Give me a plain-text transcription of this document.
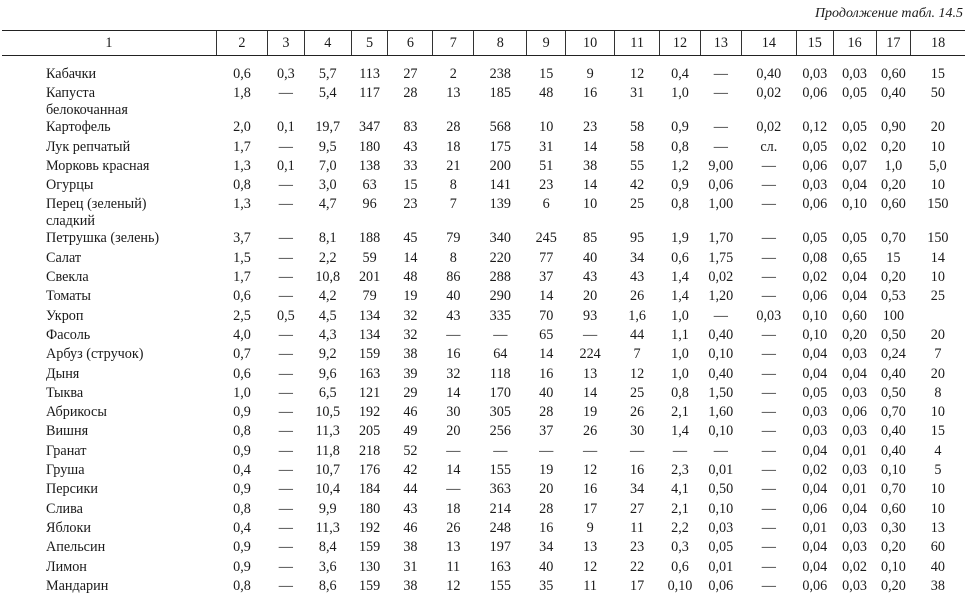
Продолжение табл. 14.5
1	2	3	4	5	6	7	8	9	10	11	12	13	14	15	16	17	18

Кабачки	0,6	0,3	5,7	113	27	2	238	15	9	12	0,4	—	0,40	0,03	0,03	0,60	15

Капуста
белокочанная	1,8	—	5,4	117	28	13	185	48	16	31	1,0	—	0,02	0,06	0,05	0,40	50

Картофель	2,0	0,1	19,7	347	83	28	568	10	23	58	0,9	—	0,02	0,12	0,05	0,90	20

Лук репчатый	1,7	—	9,5	180	43	18	175	31	14	58	0,8	—	сл.	0,05	0,02	0,20	10

Морковь красная	1,3	0,1	7,0	138	33	21	200	51	38	55	1,2	9,00	—	0,06	0,07	1,0	5,0

Огурцы	0,8	—	3,0	63	15	8	141	23	14	42	0,9	0,06	—	0,03	0,04	0,20	10

Перец (зеленый)
сладкий	1,3	—	4,7	96	23	7	139	6	10	25	0,8	1,00	—	0,06	0,10	0,60	150

Петрушка (зелень)	3,7	—	8,1	188	45	79	340	245	85	95	1,9	1,70	—	0,05	0,05	0,70	150

Салат	1,5	—	2,2	59	14	8	220	77	40	34	0,6	1,75	—	0,08	0,65	15	14

Свекла	1,7	—	10,8	201	48	86	288	37	43	43	1,4	0,02	—	0,02	0,04	0,20	10

Томаты	0,6	—	4,2	79	19	40	290	14	20	26	1,4	1,20	—	0,06	0,04	0,53	25

Укроп	2,5	0,5	4,5	134	32	43	335	70	93	1,6	1,0	—	0,03	0,10	0,60	100	

Фасоль	4,0	—	4,3	134	32	—	—	65	—	44	1,1	0,40	—	0,10	0,20	0,50	20

Арбуз (стручок)	0,7	—	9,2	159	38	16	64	14	224	7	1,0	0,10	—	0,04	0,03	0,24	7

Дыня	0,6	—	9,6	163	39	32	118	16	13	12	1,0	0,40	—	0,04	0,04	0,40	20

Тыква	1,0	—	6,5	121	29	14	170	40	14	25	0,8	1,50	—	0,05	0,03	0,50	8

Абрикосы	0,9	—	10,5	192	46	30	305	28	19	26	2,1	1,60	—	0,03	0,06	0,70	10

Вишня	0,8	—	11,3	205	49	20	256	37	26	30	1,4	0,10	—	0,03	0,03	0,40	15

Гранат	0,9	—	11,8	218	52	—	—	—	—	—	—	—	—	0,04	0,01	0,40	4

Груша	0,4	—	10,7	176	42	14	155	19	12	16	2,3	0,01	—	0,02	0,03	0,10	5

Персики	0,9	—	10,4	184	44	—	363	20	16	34	4,1	0,50	—	0,04	0,01	0,70	10

Слива	0,8	—	9,9	180	43	18	214	28	17	27	2,1	0,10	—	0,06	0,04	0,60	10

Яблоки	0,4	—	11,3	192	46	26	248	16	9	11	2,2	0,03	—	0,01	0,03	0,30	13

Апельсин	0,9	—	8,4	159	38	13	197	34	13	23	0,3	0,05	—	0,04	0,03	0,20	60

Лимон	0,9	—	3,6	130	31	11	163	40	12	22	0,6	0,01	—	0,04	0,02	0,10	40

Мандарин	0,8	—	8,6	159	38	12	155	35	11	17	0,10	0,06	—	0,06	0,03	0,20	38
